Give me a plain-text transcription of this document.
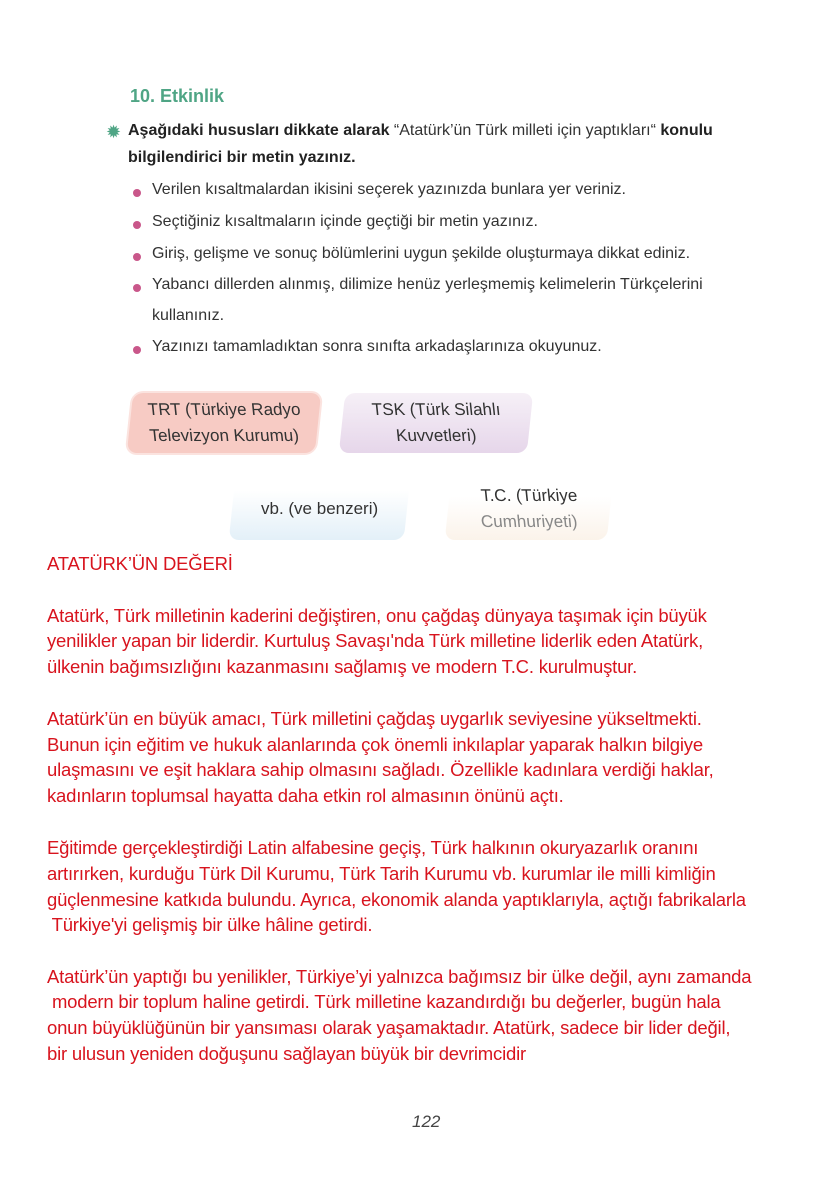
10. Etkinlik
✹ Aşağıdaki hususları dikkate alarak “Atatürk’ün Türk milleti için yaptıkları“ konulu
bilgilendirici bir metin yazınız.
Verilen kısaltmalardan ikisini seçerek yazınızda bunlara yer veriniz.
Seçtiğiniz kısaltmaların içinde geçtiği bir metin yazınız.
Giriş, gelişme ve sonuç bölümlerini uygun şekilde oluşturmaya dikkat ediniz.
Yabancı dillerden alınmış, dilimize henüz yerleşmemiş kelimelerin Türkçelerini
kullanınız.
Yazınızı tamamladıktan sonra sınıfta arkadaşlarınıza okuyunuz.
TRT (Türkiye Radyo
Televizyon Kurumu)
TSK (Türk Silahlı
Kuvvetleri)
vb. (ve benzeri)
T.C. (Türkiye
Cumhuriyeti)
ATATÜRK’ÜN DEĞERİ
Atatürk, Türk milletinin kaderini değiştiren, onu çağdaş dünyaya taşımak için büyük
yenilikler yapan bir liderdir. Kurtuluş Savaşı'nda Türk milletine liderlik eden Atatürk,
ülkenin bağımsızlığını kazanmasını sağlamış ve modern T.C. kurulmuştur.
Atatürk’ün en büyük amacı, Türk milletini çağdaş uygarlık seviyesine yükseltmekti.
Bunun için eğitim ve hukuk alanlarında çok önemli inkılaplar yaparak halkın bilgiye
ulaşmasını ve eşit haklara sahip olmasını sağladı. Özellikle kadınlara verdiği haklar,
kadınların toplumsal hayatta daha etkin rol almasının önünü açtı.
Eğitimde gerçekleştirdiği Latin alfabesine geçiş, Türk halkının okuryazarlık oranını
artırırken, kurduğu Türk Dil Kurumu, Türk Tarih Kurumu vb. kurumlar ile milli kimliğin
güçlenmesine katkıda bulundu. Ayrıca, ekonomik alanda yaptıklarıyla, açtığı fabrikalarla
Türkiye'yi gelişmiş bir ülke hâline getirdi.
Atatürk’ün yaptığı bu yenilikler, Türkiye’yi yalnızca bağımsız bir ülke değil, aynı zamanda
modern bir toplum haline getirdi. Türk milletine kazandırdığı bu değerler, bugün hala
onun büyüklüğünün bir yansıması olarak yaşamaktadır. Atatürk, sadece bir lider değil,
bir ulusun yeniden doğuşunu sağlayan büyük bir devrimcidir
122
